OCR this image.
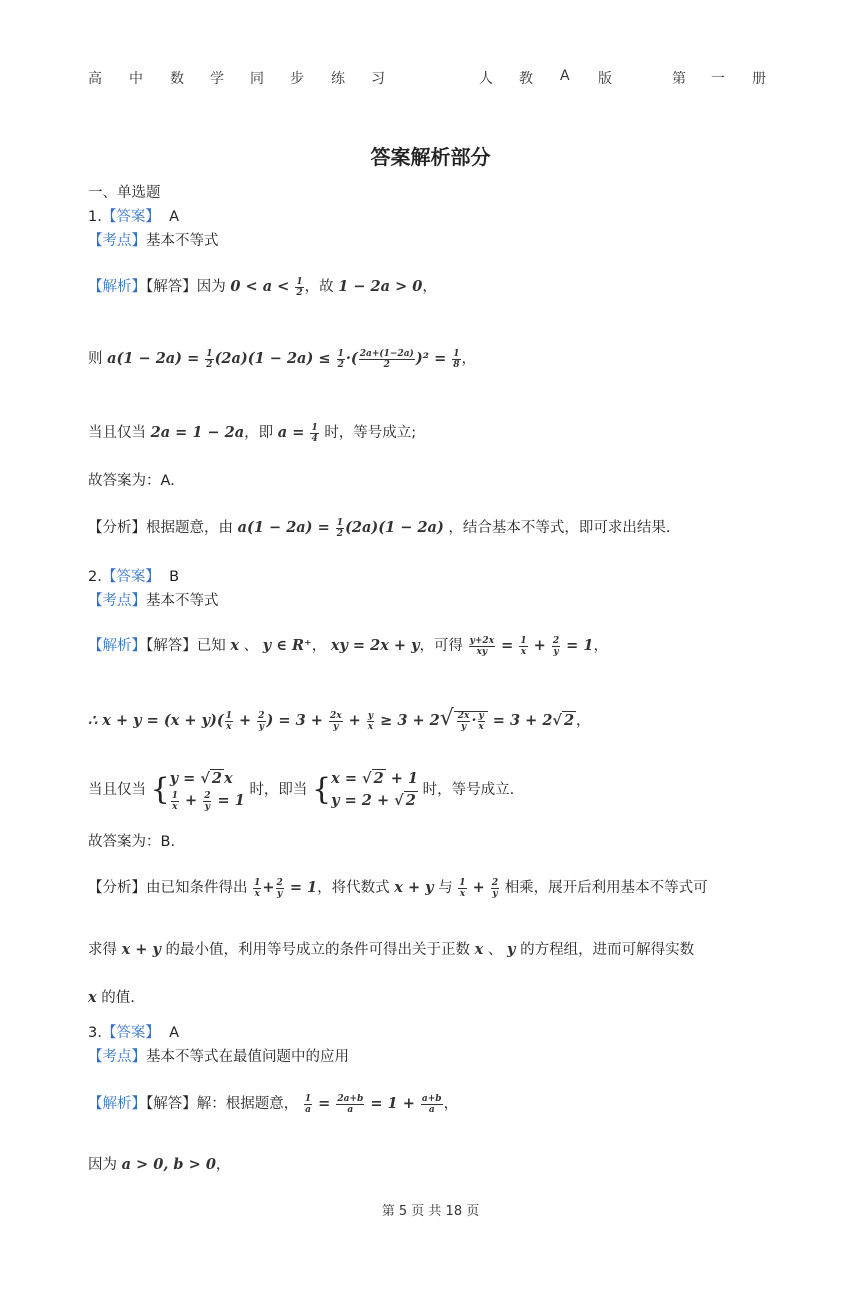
高 中 数 学 同 步 练 习	人 教 A 版	第 一 册
答案解析部分
一、单选题
1.【答案】 A
【考点】基本不等式
【解析】【解答】因为 $0 < a < \frac{1}{2}$ ，故 1 − 2a > 0，
则 $a(1 - 2a) = \frac{1}{2} (2a)(1 - 2a) \le \frac{1}{2}$ ·( $\frac{2a+(1-2a)}{2} )^2 = \frac{1}{8}$ ，
当且仅当 2a = 1 − 2a，即 $a = \frac{1}{4}$ 时，等号成立;
故答案为：A.
【分析】根据题意，由 $a(1 - 2a) = \frac{1}{2} (2a)(1 - 2a)$ ，结合基本不等式，即可求出结果.
2.【答案】 B
【考点】基本不等式
【解析】【解答】已知 x 、 y ∈ R⁺， xy = 2x + y，可得 $\frac{y+2x}{xy} = \frac{1}{x} + \frac{2}{y} = 1$，
∴ $x + y = (x + y)( \frac{1}{x} + \frac{2}{y}$ ) = $3 + \frac{2x}{y} + \frac{y}{x} \ge 3 + 2√ \frac{2x}{y} \cdot \frac{y}{x} = 3 + 2√$ 2 ，
当且仅当 { y = √ 2 x
$\frac{1}{x} + \frac{2}{y} = 1$
时，即当 { x = √ 2 + 1
y = 2 + √ 2
时，等号成立.
故答案为：B.
【分析】由已知条件得出 $\frac{1}{x} + \frac{2}{y} = 1$，将代数式 x + y 与 $\frac{1}{x} + \frac{2}{y}$ 相乘，展开后利用基本不等式可
求得 x + y 的最小值，利用等号成立的条件可得出关于正数 x 、 y 的方程组，进而可解得实数
x 的值.
3.【答案】 A
【考点】基本不等式在最值问题中的应用
【解析】【解答】解：根据题意， $\frac{1}{a} = \frac{2a+b}{a} = 1 + \frac{a+b}{a}$ ，
因为 a > 0, b > 0，
第 5 页 共 18 页
